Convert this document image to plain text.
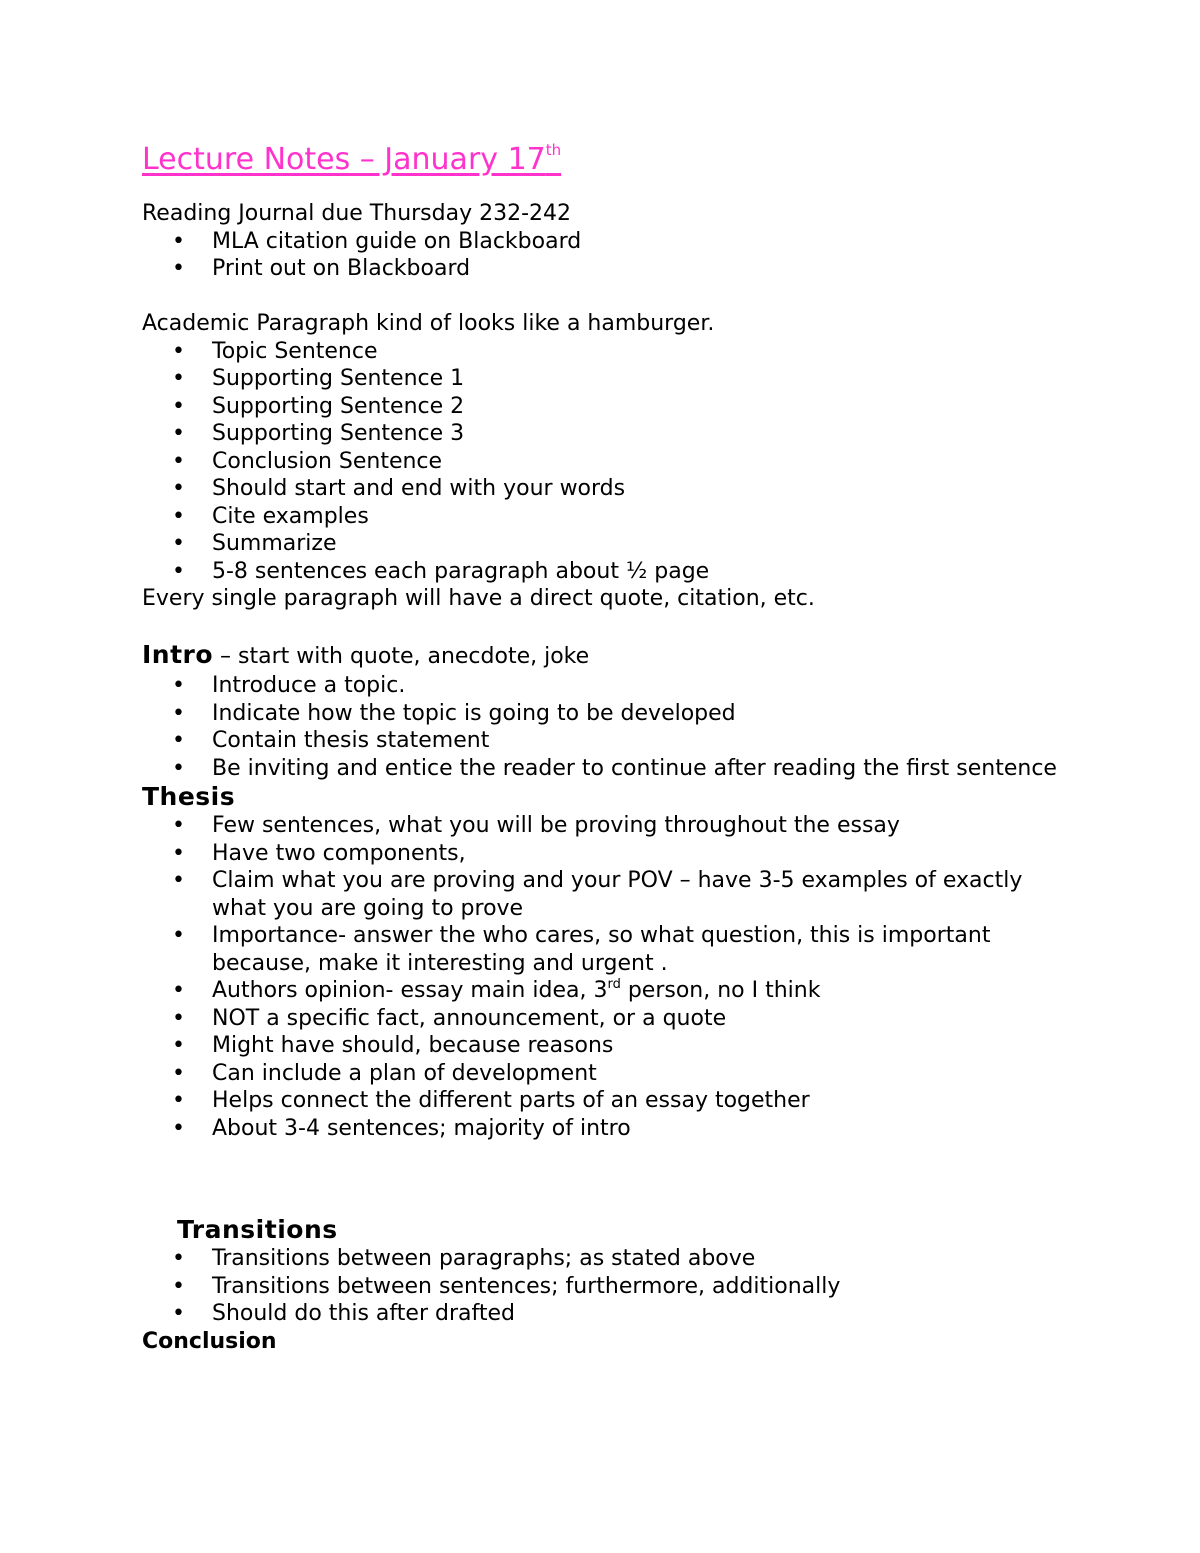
Lecture Notes – January 17th

Reading Journal due Thursday 232-242

• MLA citation guide on Blackboard
• Print out on Blackboard

Academic Paragraph kind of looks like a hamburger.

• Topic Sentence
• Supporting Sentence 1
• Supporting Sentence 2
• Supporting Sentence 3
• Conclusion Sentence
• Should start and end with your words
• Cite examples
• Summarize
• 5-8 sentences each paragraph about ½ page

Every single paragraph will have a direct quote, citation, etc.

Intro – start with quote, anecdote, joke

• Introduce a topic.
• Indicate how the topic is going to be developed
• Contain thesis statement
• Be inviting and entice the reader to continue after reading the first sentence

Thesis

• Few sentences, what you will be proving throughout the essay
• Have two components,
• Claim what you are proving and your POV – have 3-5 examples of exactly what you are going to prove
• Importance- answer the who cares, so what question, this is important because, make it interesting and urgent .
• Authors opinion- essay main idea, 3rd person, no I think
• NOT a specific fact, announcement, or a quote
• Might have should, because reasons
• Can include a plan of development
• Helps connect the different parts of an essay together
• About 3-4 sentences; majority of intro

Transitions

• Transitions between paragraphs; as stated above
• Transitions between sentences; furthermore, additionally
• Should do this after drafted

Conclusion
